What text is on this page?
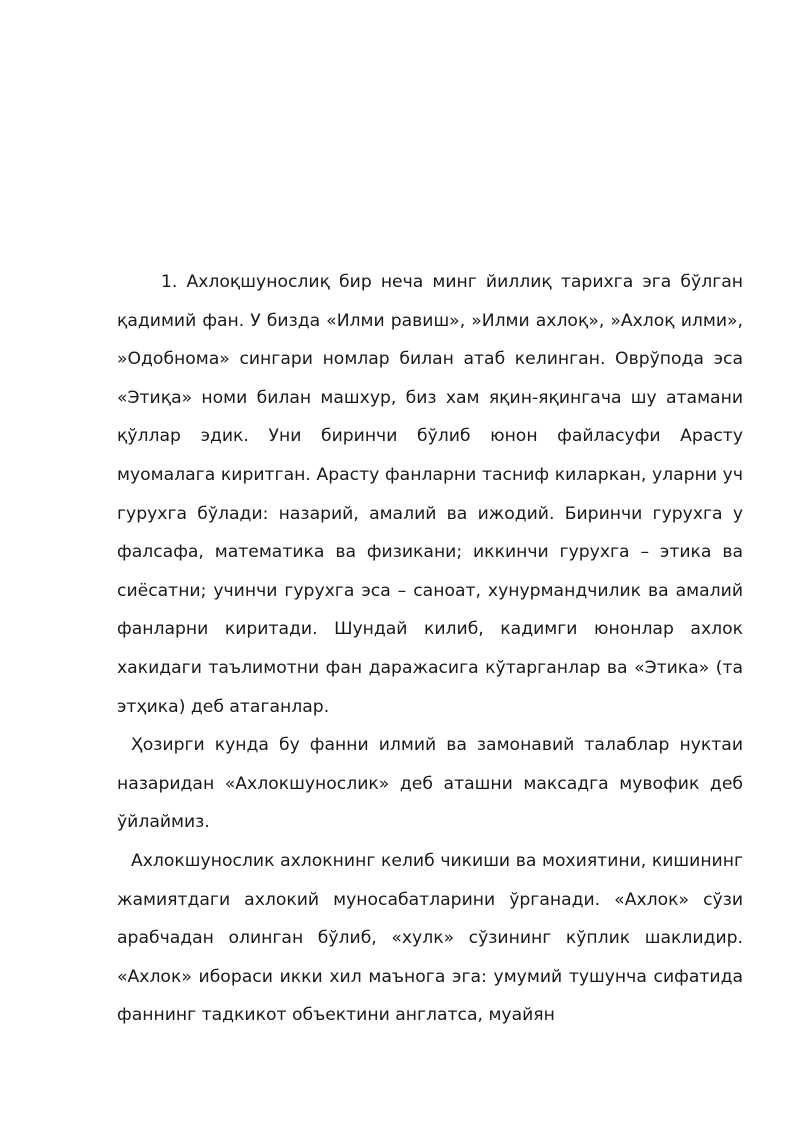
1. Ахлоқшунослиқ бир неча минг йиллиқ тарихга эга бўлган қадимий фан. У бизда «Илми равиш», »Илми ахлоқ», »Ахлоқ илми», »Одобнома» сингари номлар билан атаб келинган. Оврўпода эса «Этиқа» номи билан машхур, биз хам яқин-яқингача шу атамани қўллар эдик. Уни биринчи бўлиб юнон файласуфи Арасту муомалага киритган. Арасту фанларни тасниф киларкан, уларни уч гурухга бўлади: назарий, амалий ва ижодий. Биринчи гурухга у фалсафа, математика ва физикани; иккинчи гурухга – этика ва сиёсатни; учинчи гурухга эса – саноат, хунурмандчилик ва амалий фанларни киритади. Шундай килиб, кадимги юнонлар ахлок хакидаги таълимотни фан даражасига кўтарганлар ва «Этика» (та этҳика) деб атаганлар.

Ҳозирги кунда бу фанни илмий ва замонавий талаблар нуктаи назаридан «Ахлокшунослик» деб аташни максадга мувофик деб ўйлаймиз.

Ахлокшунослик ахлокнинг келиб чикиши ва мохиятини, кишининг жамиятдаги ахлокий муносабатларини ўрганади. «Ахлок» сўзи арабчадан олинган бўлиб, «хулк» сўзининг кўплик шаклидир. «Ахлок» ибораси икки хил маънога эга: умумий тушунча сифатида фаннинг тадкикот объектини англатса, муайян
